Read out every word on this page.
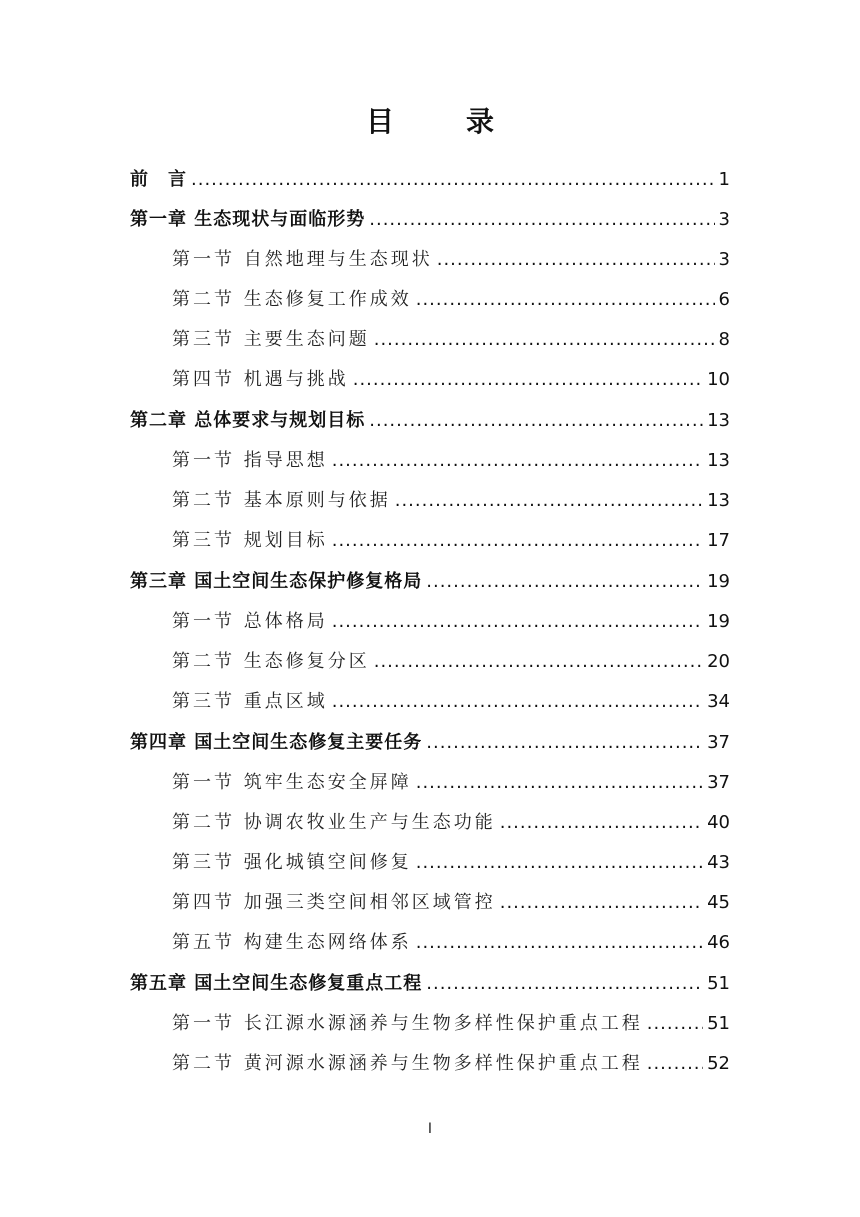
目　录
前　言 .....	1
第一章 生态现状与面临形势 .....	3
第一节 自然地理与生态现状 .....	3
第二节 生态修复工作成效 .....	6
第三节 主要生态问题 .....	8
第四节 机遇与挑战 .....	10
第二章 总体要求与规划目标 .....	13
第一节 指导思想 .....	13
第二节 基本原则与依据 .....	13
第三节 规划目标 .....	17
第三章 国土空间生态保护修复格局 .....	19
第一节 总体格局 .....	19
第二节 生态修复分区 .....	20
第三节 重点区域 .....	34
第四章 国土空间生态修复主要任务 .....	37
第一节 筑牢生态安全屏障 .....	37
第二节 协调农牧业生产与生态功能 .....	40
第三节 强化城镇空间修复 .....	43
第四节 加强三类空间相邻区域管控 .....	45
第五节 构建生态网络体系 .....	46
第五章 国土空间生态修复重点工程 .....	51
第一节 长江源水源涵养与生物多样性保护重点工程 .....	51
第二节 黄河源水源涵养与生物多样性保护重点工程 .....	52
I
